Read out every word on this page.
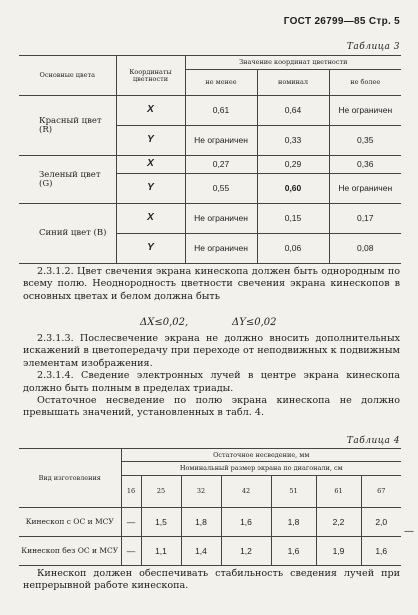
ГОСТ 26799—85 Стр. 5
Таблица 3
Основные цвета	Координаты цветности	Значение координат цветности		
		не менее	номинал	не более
Красный цвет (R)	X	0,61	0,64	Не ограничен
	Y	Не ограничен	0,33	0,35
Зеленый цвет (G)	X	0,27	0,29	0,36
	Y	0,55	0,60	Не ограничен
Синий цвет (B)	X	Не ограничен	0,15	0,17
	Y	Не ограничен	0,06	0,08

2.3.1.2. Цвет свечения экрана кинескопа должен быть однородным по всему полю. Неоднородность цветности свечения экрана кинескопов в основных цветах и белом должна быть

ΔX≤0,02,	ΔY≤0,02

2.3.1.3. Послесвечение экрана не должно вносить дополнительных искажений в цветопередачу при переходе от неподвижных к подвижным элементам изображения.

2.3.1.4. Сведение электронных лучей в центре экрана кинескопа должно быть полным в пределах триады.

Остаточное несведение по полю экрана кинескопа не должно превышать значений, установленных в табл. 4.

Таблица 4
Вид изготовления	Остаточное несведение, мм						
	Номинальный размер экрана по диагонали, см						
	16	25	32	42	51	61	67
Кинескоп с ОС и МСУ	—	1,5	1,8	1,6	1,8	2,2	2,0
Кинескоп без ОС и МСУ	—	1,1	1,4	1,2	1,6	1,9	1,6

Кинескоп должен обеспечивать стабильность сведения лучей при непрерывной работе кинескопа.

—
